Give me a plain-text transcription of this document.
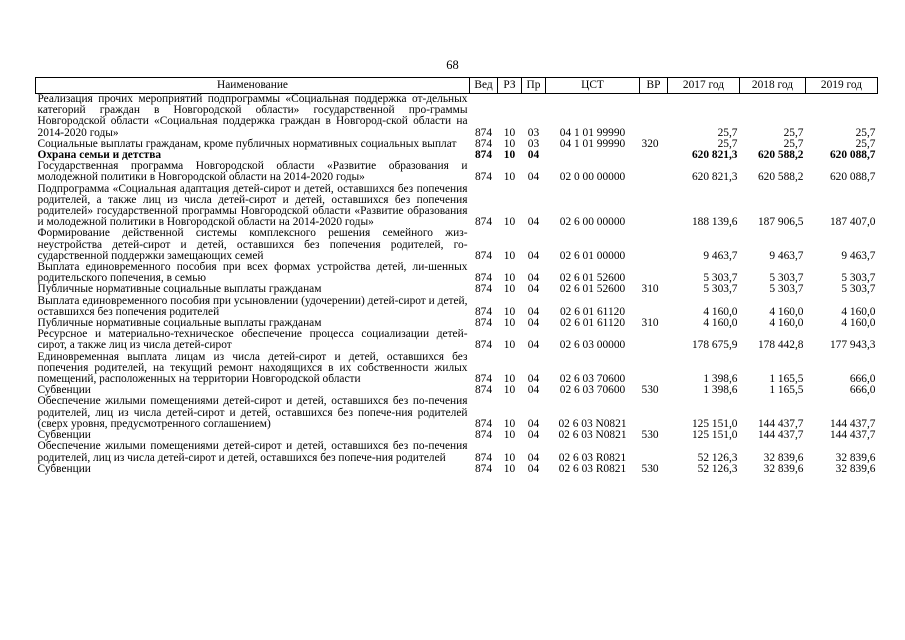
68
Наименование	Вед	РЗ	Пр	ЦСТ	ВР	2017 год	2018 год	2019 год
Реализация прочих мероприятий подпрограммы «Социальная поддержка от-дельных категорий граждан в Новгородской области» государственной про-граммы Новгородской области «Социальная поддержка граждан в Новгород-ской области на 2014-2020 годы»	874	10	03	04 1 01 99990		25,7	25,7	25,7
Социальные выплаты гражданам, кроме публичных нормативных социальных выплат	874	10	03	04 1 01 99990	320	25,7	25,7	25,7
Охрана семьи и детства	874	10	04			620 821,3	620 588,2	620 088,7
Государственная программа Новгородской области «Развитие образования и молодежной политики в Новгородской области на 2014-2020 годы»	874	10	04	02 0 00 00000		620 821,3	620 588,2	620 088,7
Подпрограмма «Социальная адаптация детей-сирот и детей, оставшихся без попечения родителей, а также лиц из числа детей-сирот и детей, оставшихся без попечения родителей» государственной программы Новгородской области «Развитие образования и молодежной политики в Новгородской области на 2014-2020 годы»	874	10	04	02 6 00 00000		188 139,6	187 906,5	187 407,0
Формирование действенной системы комплексного решения семейного жиз-неустройства детей-сирот и детей, оставшихся без попечения родителей, го-сударственной поддержки замещающих семей	874	10	04	02 6 01 00000		9 463,7	9 463,7	9 463,7
Выплата единовременного пособия при всех формах устройства детей, ли-шенных родительского попечения, в семью	874	10	04	02 6 01 52600		5 303,7	5 303,7	5 303,7
Публичные нормативные социальные выплаты гражданам	874	10	04	02 6 01 52600	310	5 303,7	5 303,7	5 303,7
Выплата единовременного пособия при усыновлении (удочерении) детей-сирот и детей, оставшихся без попечения родителей	874	10	04	02 6 01 61120		4 160,0	4 160,0	4 160,0
Публичные нормативные социальные выплаты гражданам	874	10	04	02 6 01 61120	310	4 160,0	4 160,0	4 160,0
Ресурсное и материально-техническое обеспечение процесса социализации детей-сирот, а также лиц из числа детей-сирот	874	10	04	02 6 03 00000		178 675,9	178 442,8	177 943,3
Единовременная выплата лицам из числа детей-сирот и детей, оставшихся без попечения родителей, на текущий ремонт находящихся в их собственности жилых помещений, расположенных на территории Новгородской области	874	10	04	02 6 03 70600		1 398,6	1 165,5	666,0
Субвенции	874	10	04	02 6 03 70600	530	1 398,6	1 165,5	666,0
Обеспечение жилыми помещениями детей-сирот и детей, оставшихся без по-печения родителей, лиц из числа детей-сирот и детей, оставшихся без попече-ния родителей (сверх уровня, предусмотренного соглашением)	874	10	04	02 6 03 N0821		125 151,0	144 437,7	144 437,7
Субвенции	874	10	04	02 6 03 N0821	530	125 151,0	144 437,7	144 437,7
Обеспечение жилыми помещениями детей-сирот и детей, оставшихся без по-печения родителей, лиц из числа детей-сирот и детей, оставшихся без попече-ния родителей	874	10	04	02 6 03 R0821		52 126,3	32 839,6	32 839,6
Субвенции	874	10	04	02 6 03 R0821	530	52 126,3	32 839,6	32 839,6
